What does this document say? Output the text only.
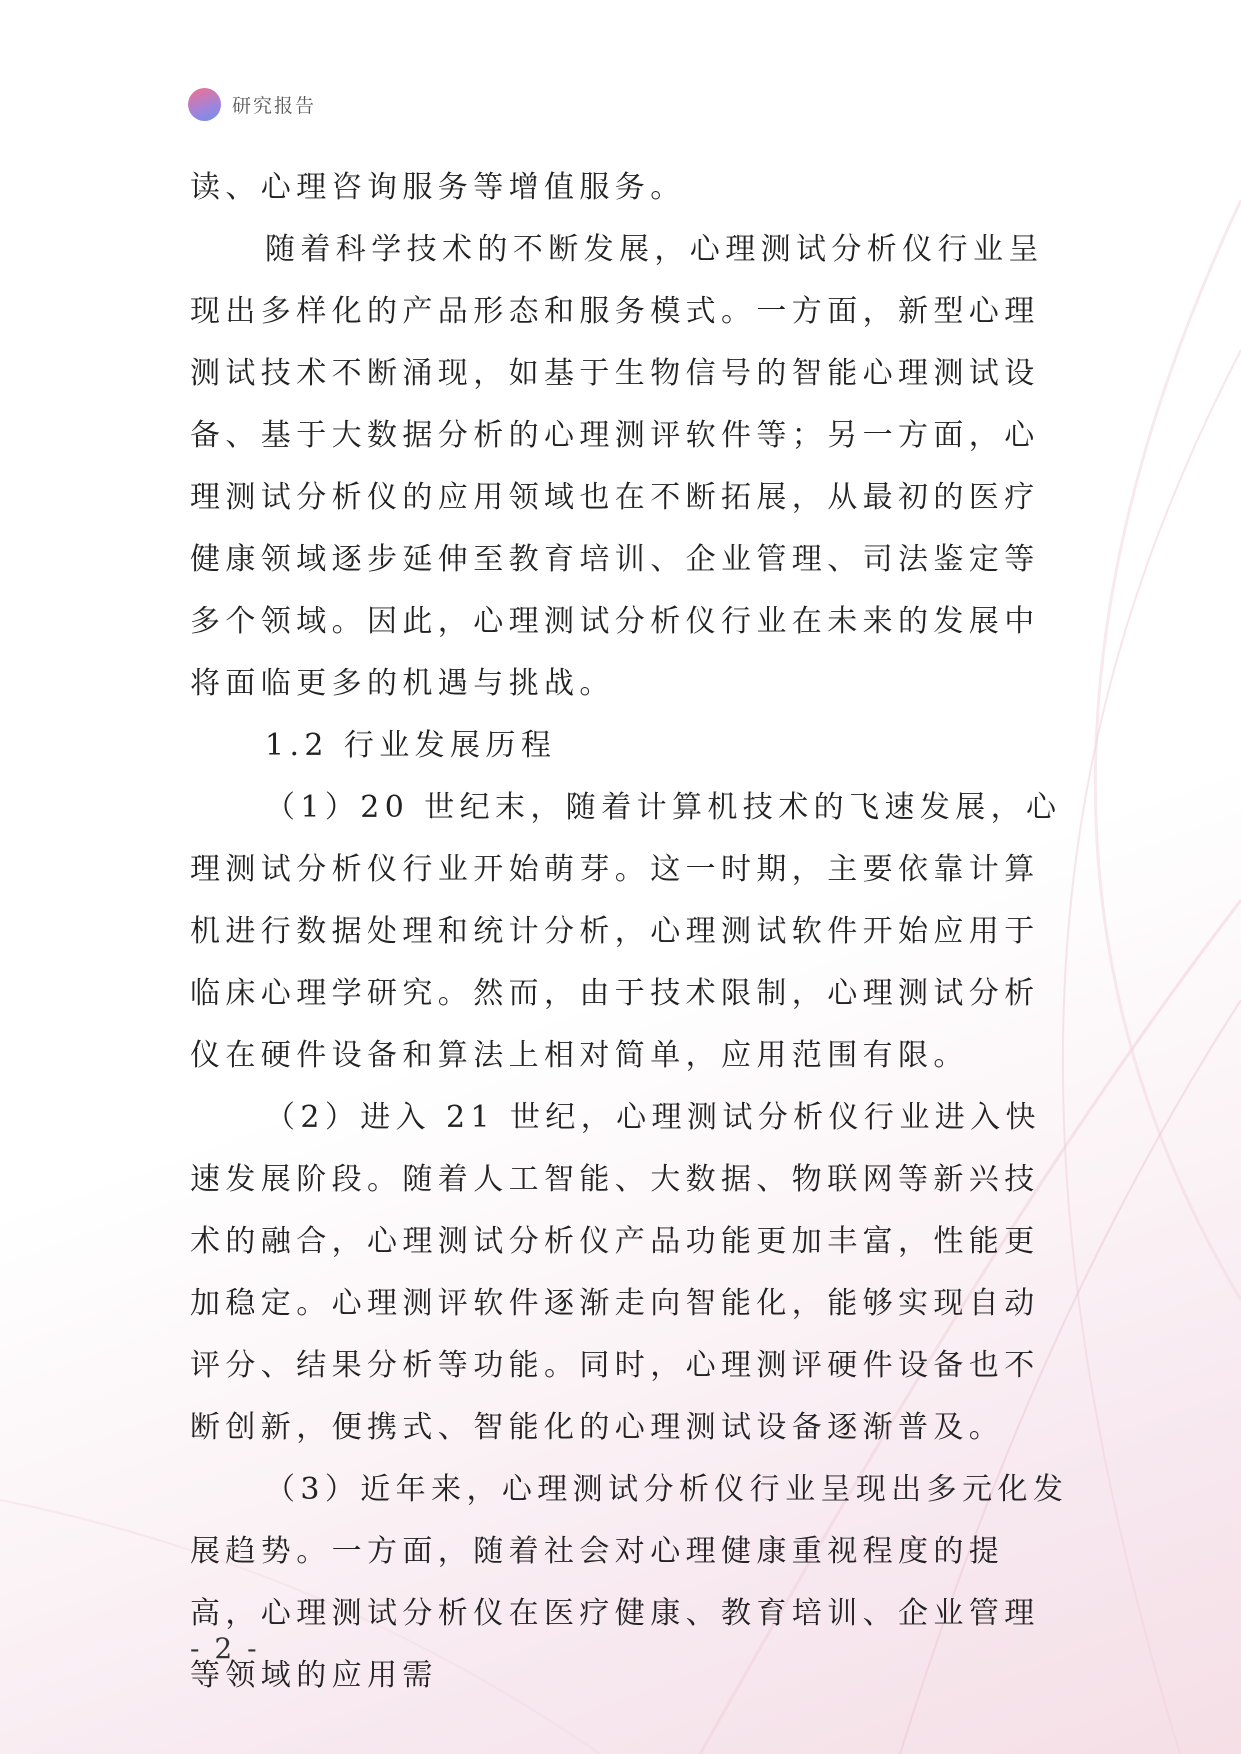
研究报告

读、心理咨询服务等增值服务。

随着科学技术的不断发展，心理测试分析仪行业呈现出多样化的产品形态和服务模式。一方面，新型心理测试技术不断涌现，如基于生物信号的智能心理测试设备、基于大数据分析的心理测评软件等；另一方面，心理测试分析仪的应用领域也在不断拓展，从最初的医疗健康领域逐步延伸至教育培训、企业管理、司法鉴定等多个领域。因此，心理测试分析仪行业在未来的发展中将面临更多的机遇与挑战。

1.2 行业发展历程

（1）20 世纪末，随着计算机技术的飞速发展，心理测试分析仪行业开始萌芽。这一时期，主要依靠计算机进行数据处理和统计分析，心理测试软件开始应用于临床心理学研究。然而，由于技术限制，心理测试分析仪在硬件设备和算法上相对简单，应用范围有限。

（2）进入 21 世纪，心理测试分析仪行业进入快速发展阶段。随着人工智能、大数据、物联网等新兴技术的融合，心理测试分析仪产品功能更加丰富，性能更加稳定。心理测评软件逐渐走向智能化，能够实现自动评分、结果分析等功能。同时，心理测评硬件设备也不断创新，便携式、智能化的心理测试设备逐渐普及。

（3）近年来，心理测试分析仪行业呈现出多元化发展趋势。一方面，随着社会对心理健康重视程度的提高，心理测试分析仪在医疗健康、教育培训、企业管理等领域的应用需

- 2 -
